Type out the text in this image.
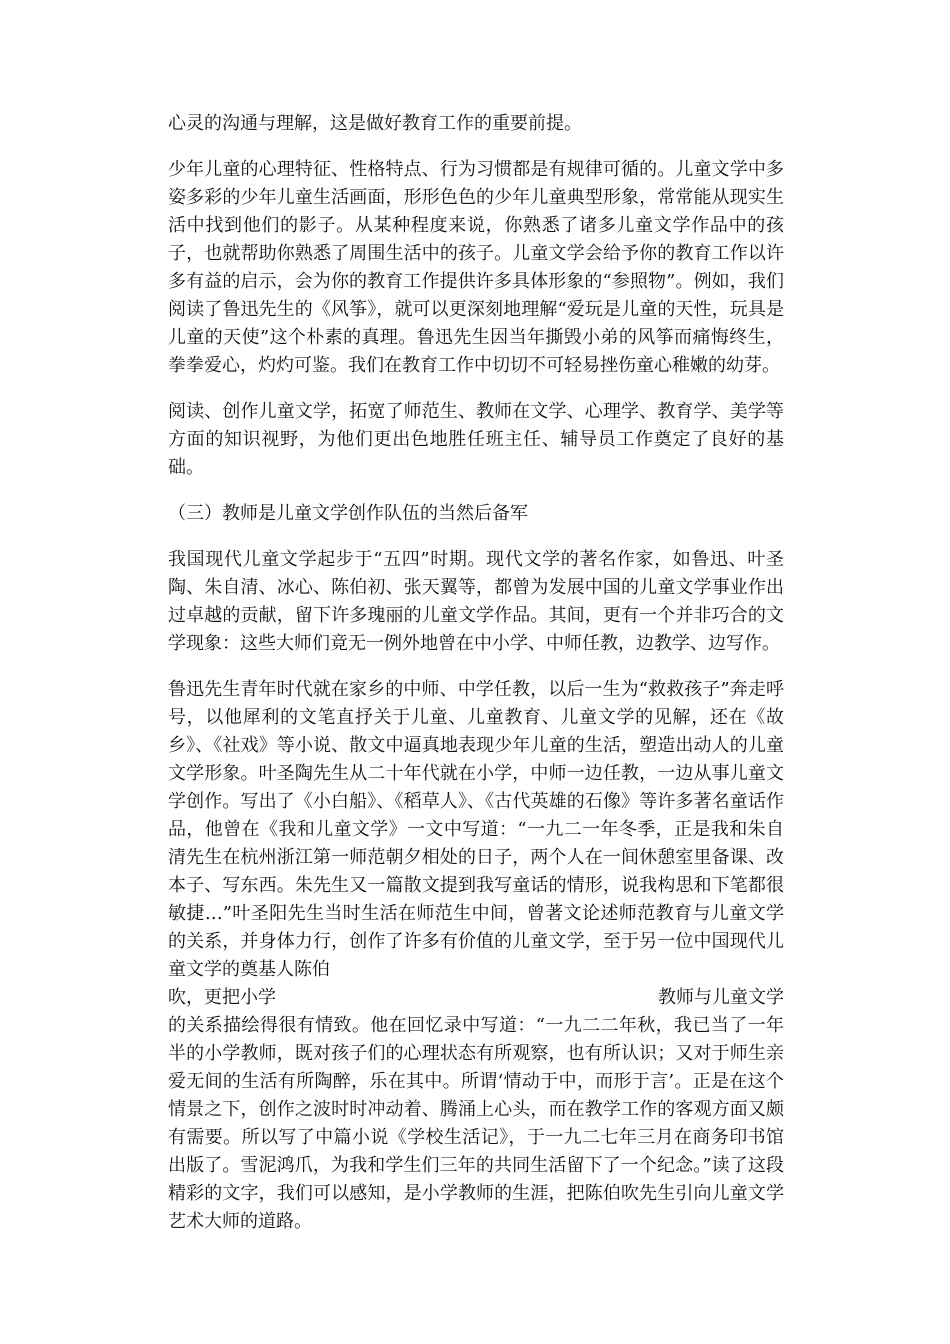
心灵的沟通与理解，这是做好教育工作的重要前提。

少年儿童的心理特征、性格特点、行为习惯都是有规律可循的。儿童文学中多姿多彩的少年儿童生活画面，形形色色的少年儿童典型形象，常常能从现实生活中找到他们的影子。从某种程度来说，你熟悉了诸多儿童文学作品中的孩子，也就帮助你熟悉了周围生活中的孩子。儿童文学会给予你的教育工作以许多有益的启示，会为你的教育工作提供许多具体形象的“参照物”。例如，我们阅读了鲁迅先生的《风筝》，就可以更深刻地理解“爱玩是儿童的天性，玩具是儿童的天使”这个朴素的真理。鲁迅先生因当年撕毁小弟的风筝而痛悔终生，拳拳爱心，灼灼可鉴。我们在教育工作中切切不可轻易挫伤童心稚嫩的幼芽。

阅读、创作儿童文学，拓宽了师范生、教师在文学、心理学、教育学、美学等方面的知识视野，为他们更出色地胜任班主任、辅导员工作奠定了良好的基础。

（三）教师是儿童文学创作队伍的当然后备军

我国现代儿童文学起步于“五四”时期。现代文学的著名作家，如鲁迅、叶圣陶、朱自清、冰心、陈伯初、张天翼等，都曾为发展中国的儿童文学事业作出过卓越的贡献，留下许多瑰丽的儿童文学作品。其间，更有一个并非巧合的文学现象：这些大师们竟无一例外地曾在中小学、中师任教，边教学、边写作。

鲁迅先生青年时代就在家乡的中师、中学任教，以后一生为“救救孩子”奔走呼号，以他犀利的文笔直抒关于儿童、儿童教育、儿童文学的见解，还在《故乡》、《社戏》等小说、散文中逼真地表现少年儿童的生活，塑造出动人的儿童文学形象。叶圣陶先生从二十年代就在小学，中师一边任教，一边从事儿童文学创作。写出了《小白船》、《稻草人》、《古代英雄的石像》等许多著名童话作品，他曾在《我和儿童文学》一文中写道：“一九二一年冬季，正是我和朱自清先生在杭州浙江第一师范朝夕相处的日子，两个人在一间休憩室里备课、改本子、写东西。朱先生又一篇散文提到我写童话的情形，说我构思和下笔都很敏捷…”叶圣阳先生当时生活在师范生中间，曾著文论述师范教育与儿童文学的关系，并身体力行，创作了许多有价值的儿童文学，至于另一位中国现代儿童文学的奠基人陈伯
吹，更把小学	教师与儿童文学
的关系描绘得很有情致。他在回忆录中写道：“一九二二年秋，我已当了一年半的小学教师，既对孩子们的心理状态有所观察，也有所认识；又对于师生亲爱无间的生活有所陶醉，乐在其中。所谓‘情动于中，而形于言’。正是在这个情景之下，创作之波时时冲动着、腾涌上心头，而在教学工作的客观方面又颇有需要。所以写了中篇小说《学校生活记》，于一九二七年三月在商务印书馆出版了。雪泥鸿爪，为我和学生们三年的共同生活留下了一个纪念。”读了这段精彩的文字，我们可以感知，是小学教师的生涯，把陈伯吹先生引向儿童文学艺术大师的道路。
